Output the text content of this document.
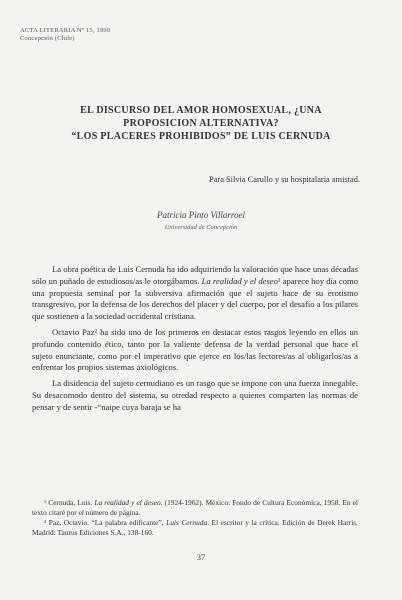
ACTA LITERARIA Nº 15, 1990
Concepción (Chile)
EL DISCURSO DEL AMOR HOMOSEXUAL, ¿UNA
PROPOSICION ALTERNATIVA?
“LOS PLACERES PROHIBIDOS” DE LUIS CERNUDA
Para Silvia Carullo y su hospitalaria amistad.
Patricia Pinto Villarroel
Universidad de Concepción

La obra poética de Luis Cernuda ha ido adquiriendo la valoración que hace unas décadas sólo un puñado de estudiosos/as le otorgábamos. La realidad y el deseo¹ aparece hoy día como una propuesta seminal por la subversiva afirmación que el sujeto hace de su erotismo transgresivo, por la defensa de los derechos del placer y del cuerpo, por el desafío a los pilares que sostienen a la sociedad occidental cristiana.

Octavio Paz² ha sido uno de los primeros en destacar estos rasgos leyendo en ellos un profundo contenido ético, tanto por la valiente defensa de la verdad personal que hace el sujeto enunciante, como por el imperativo que ejerce en los/las lectores/as al obligarlos/as a enfrentar los propios sistemas axiológicos.

La disidencia del sujeto cernudiano es un rasgo que se impone con una fuerza innegable. Su desacomodo dentro del sistema, su otredad respecto a quienes comparten las normas de pensar y de sentir -“naipe cuya baraja se ha

¹ Cernuda, Luis. La realidad y el deseo. (1924-1962). México: Fondo de Cultura Económica, 1958. En el texto citaré por el número de página.

² Paz, Octavio. “La palabra edificante”, Luis Cernuda. El escritor y la crítica. Edición de Derek Harris. Madrid: Taurus Ediciones S.A., 138-160.

37
